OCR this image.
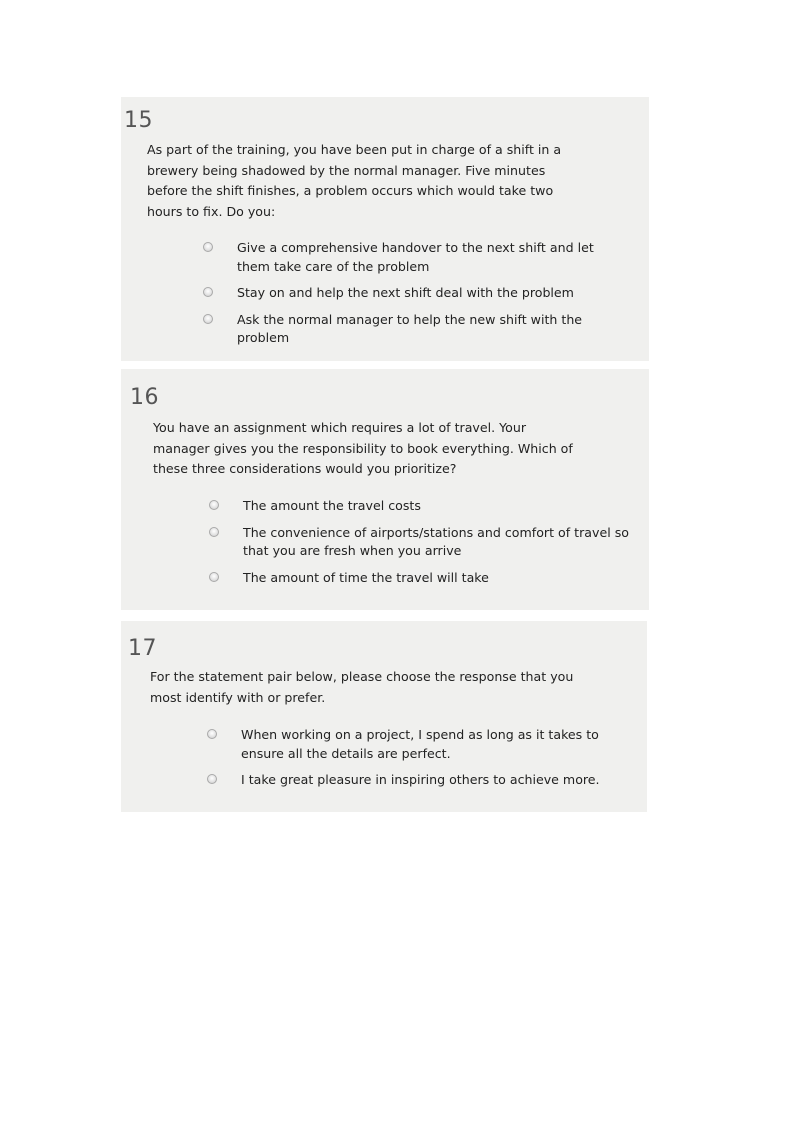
15
As part of the training, you have been put in charge of a shift in a
brewery being shadowed by the normal manager. Five minutes
before the shift finishes, a problem occurs which would take two
hours to fix. Do you:
Give a comprehensive handover to the next shift and let
them take care of the problem
Stay on and help the next shift deal with the problem
Ask the normal manager to help the new shift with the
problem
16
You have an assignment which requires a lot of travel. Your
manager gives you the responsibility to book everything. Which of
these three considerations would you prioritize?
The amount the travel costs
The convenience of airports/stations and comfort of travel so
that you are fresh when you arrive
The amount of time the travel will take
17
For the statement pair below, please choose the response that you
most identify with or prefer.
When working on a project, I spend as long as it takes to
ensure all the details are perfect.
I take great pleasure in inspiring others to achieve more.
